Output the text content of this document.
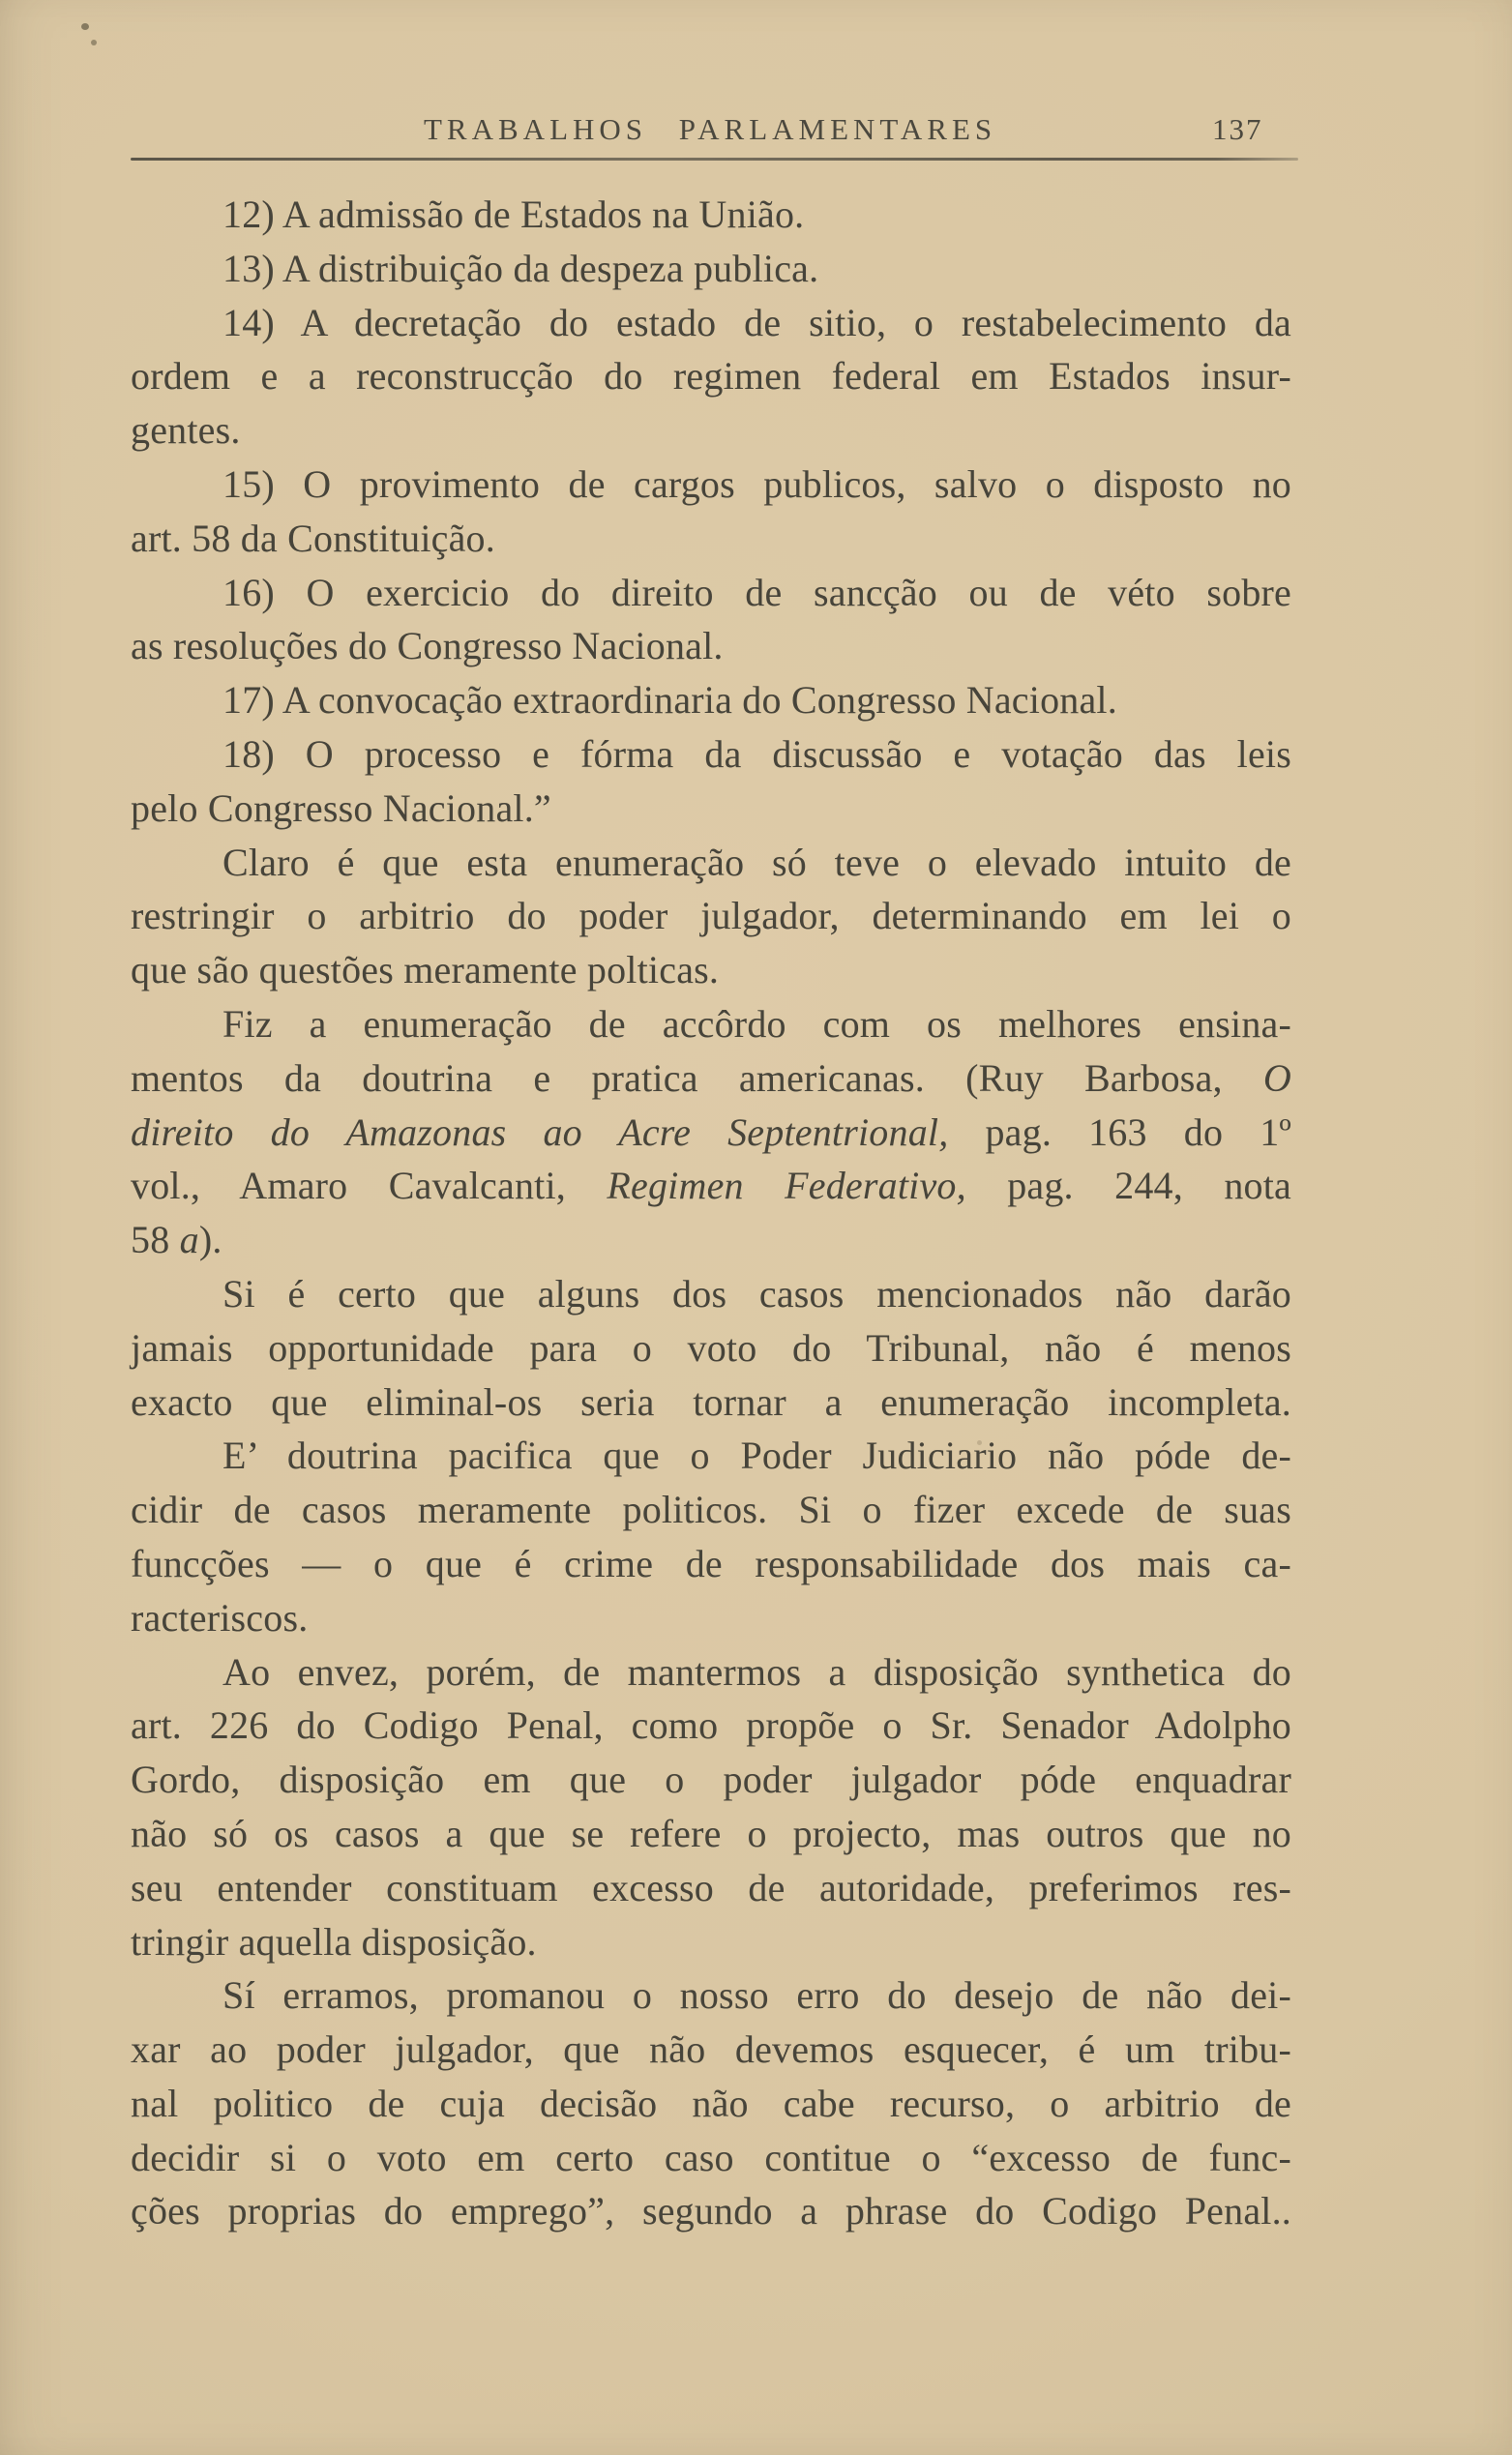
TRABALHOS PARLAMENTARES	137
12) A admissão de Estados na União.
13) A distribuição da despeza publica.
14) A decretação do estado de sitio, o restabelecimento da
ordem e a reconstrucção do regimen federal em Estados insur-
gentes.
15) O provimento de cargos publicos, salvo o disposto no
art. 58 da Constituição.
16) O exercicio do direito de sancção ou de véto sobre
as resoluções do Congresso Nacional.
17) A convocação extraordinaria do Congresso Nacional.
18) O processo e fórma da discussão e votação das leis
pelo Congresso Nacional.”
Claro é que esta enumeração só teve o elevado intuito de
restringir o arbitrio do poder julgador, determinando em lei o
que são questões meramente polticas.
Fiz a enumeração de accôrdo com os melhores ensina-
mentos da doutrina e pratica americanas. (Ruy Barbosa, O
direito do Amazonas ao Acre Septentrional, pag. 163 do 1º
vol., Amaro Cavalcanti, Regimen Federativo, pag. 244, nota
58 a).
Si é certo que alguns dos casos mencionados não darão
jamais opportunidade para o voto do Tribunal, não é menos
exacto que eliminal-os seria tornar a enumeração incompleta.
E’ doutrina pacifica que o Poder Judiciario não póde de-
cidir de casos meramente politicos. Si o fizer excede de suas
funcções — o que é crime de responsabilidade dos mais ca-
racteriscos.
Ao envez, porém, de mantermos a disposição synthetica do
art. 226 do Codigo Penal, como propõe o Sr. Senador Adolpho
Gordo, disposição em que o poder julgador póde enquadrar
não só os casos a que se refere o projecto, mas outros que no
seu entender constituam excesso de autoridade, preferimos res-
tringir aquella disposição.
Sí erramos, promanou o nosso erro do desejo de não dei-
xar ao poder julgador, que não devemos esquecer, é um tribu-
nal politico de cuja decisão não cabe recurso, o arbitrio de
decidir si o voto em certo caso contitue o “excesso de func-
ções proprias do emprego”, segundo a phrase do Codigo Penal..
